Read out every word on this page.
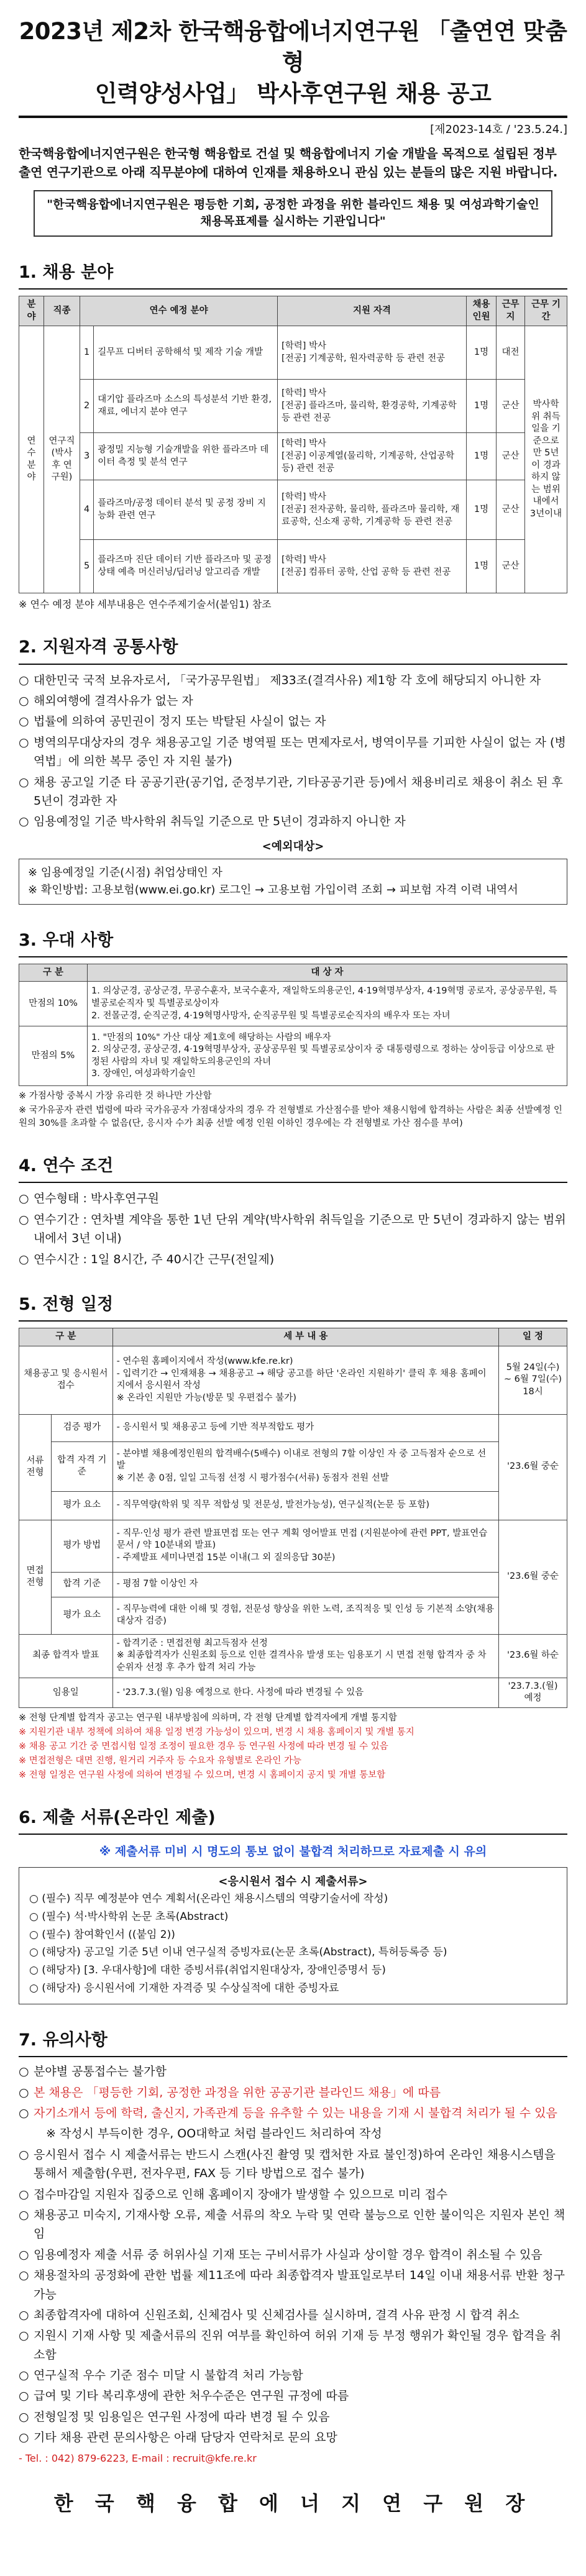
2023년 제2차 한국핵융합에너지연구원 「출연연 맞춤형
인력양성사업」 박사후연구원 채용 공고
[제2023-14호 / '23.5.24.]

한국핵융합에너지연구원은 한국형 핵융합로 건설 및 핵융합에너지 기술 개발을 목적으로 설립된 정부출연 연구기관으로 아래 직무분야에 대하여 인재를 채용하오니 관심 있는 분들의 많은 지원 바랍니다.

"한국핵융합에너지연구원은 평등한 기회, 공정한 과정을 위한 블라인드 채용 및 여성과학기술인 채용목표제를 실시하는 기관입니다"
1. 채용 분야
분야	직종	연수 예정 분야		지원 자격	채용 인원	근무지	근무 기간
연수분야	연구직 (박사후 연구원)	1	길무프 디버터 공학해석 및 제작 기술 개발	[학력] 박사
[전공] 기계공학, 원자력공학 등 관련 전공	1명	대전	박사학위 취득일을 기준으로 만 5년이 경과하지 않는 범위 내에서 3년이내
		2	대기압 플라즈마 소스의 특성분석 기반 환경, 재료, 에너지 분야 연구	[학력] 박사
[전공] 플라즈마, 물리학, 환경공학, 기계공학 등 관련 전공	1명	군산	
		3	광정밀 지능형 기술개발을 위한 플라즈마 데이터 측정 및 분석 연구	[학력] 박사
[전공] 이공계열(물리학, 기계공학, 산업공학 등) 관련 전공	1명	군산	
		4	플라즈마/공정 데이터 분석 및 공정 장비 지능화 관련 연구	[학력] 박사
[전공] 전자공학, 물리학, 플라즈마 물리학, 재료공학, 신소재 공학, 기계공학 등 관련 전공	1명	군산	
		5	플라즈마 진단 데이터 기반 플라즈마 및 공정 상태 예측 머신러닝/딥러닝 알고리즘 개발	[학력] 박사
[전공] 컴퓨터 공학, 산업 공학 등 관련 전공	1명	군산	
※ 연수 예정 분야 세부내용은 연수주제기술서(붙임1) 참조
2. 지원자격 공통사항
○ 대한민국 국적 보유자로서, 「국가공무원법」 제33조(결격사유) 제1항 각 호에 해당되지 아니한 자
○ 해외여행에 결격사유가 없는 자
○ 법률에 의하여 공민권이 정지 또는 박탈된 사실이 없는 자
○ 병역의무대상자의 경우 채용공고일 기준 병역필 또는 면제자로서, 병역이무를 기피한 사실이 없는 자 (병역법」에 의한 복무 중인 자 지원 불가)
○ 채용 공고일 기준 타 공공기관(공기업, 준정부기관, 기타공공기관 등)에서 채용비리로 채용이 취소 된 후 5년이 경과한 자
○ 임용예정일 기준 박사학위 취득일 기준으로 만 5년이 경과하지 아니한 자
<예외대상>
※ 임용예정일 기준(시점) 취업상태인 자
※ 확인방법: 고용보험(www.ei.go.kr) 로그인 → 고용보험 가입이력 조회 → 피보험 자격 이력 내역서
3. 우대 사항
구 분	대 상 자
만점의 10%	1. 의상군경, 공상군경, 무공수훈자, 보국수훈자, 재일학도의용군인, 4·19혁명부상자, 4·19혁명 공로자, 공상공무원, 특별공로순직자 및 특별공로상이자
2. 전몰군경, 순직군경, 4·19혁명사망자, 순직공무원 및 특별공로순직자의 배우자 또는 자녀
만점의 5%	1. "만점의 10%" 가산 대상 제1호에 해당하는 사람의 배우자
2. 의상군경, 공상군경, 4·19혁명부상자, 공상공무원 및 특별공로상이자 중 대통령령으로 정하는 상이등급 이상으로 판정된 사람의 자녀 및 재일학도의용군인의 자녀
3. 장애인, 여성과학기술인
※ 가점사항 중복시 가장 유리한 것 하나만 가산함
※ 국가유공자 관련 법령에 따라 국가유공자 가점대상자의 경우 각 전형별로 가산점수를 받아 채용시험에 합격하는 사람은 최종 선발예정 인원의 30%를 초과할 수 없음(단, 응시자 수가 최종 선발 예정 인원 이하인 경우에는 각 전형별로 가산 점수를 부여)
4. 연수 조건
○ 연수형태 : 박사후연구원
○ 연수기간 : 연차별 계약을 통한 1년 단위 계약(박사학위 취득일을 기준으로 만 5년이 경과하지 않는 범위 내에서 3년 이내)
○ 연수시간 : 1일 8시간, 주 40시간 근무(전일제)
5. 전형 일정
구 분		세 부 내 용	일 정
채용공고 및 응시원서 접수		- 연수원 홈페이지에서 작성(www.kfe.re.kr)
- 입력기간 → 인재채용 → 채용공고 → 해당 공고를 하단 '온라인 지원하기' 클릭 후 채용 홈페이지에서 응시원서 작성
※ 온라인 지원만 가능(방문 및 우편접수 불가)	5월 24일(수) ~ 6월 7일(수) 18시
서류 전형	검증 평가	- 응시원서 및 채용공고 등에 기반 적부적합도 평가	'23.6월 중순
	합격 자격 기준	- 분야별 채용예정인원의 합격배수(5배수) 이내로 전형의 7할 이상인 자 중 고득점자 순으로 선발
※ 기본 총 0점, 일일 고득점 선정 시 평가점수(서류) 동점자 전원 선발	
	평가 요소	- 직무역량(학위 및 직무 적합성 및 전문성, 발전가능성), 연구실적(논문 등 포함)	
면접 전형	평가 방법	- 직무·인성 평가 관련 발표면접 또는 연구 계획 영어발표 면접 (지원분야에 관련 PPT, 발표연습문서 / 약 10분내외 발표)
- 주제발표 세미나면접 15분 이내(그 외 질의응답 30분)	'23.6월 중순
	합격 기준	- 평점 7할 이상인 자	
	평가 요소	- 직무능력에 대한 이해 및 경험, 전문성 향상을 위한 노력, 조직적응 및 인성 등 기본적 소양(채용 대상자 검증)	
최종 합격자 발표		- 합격기준 : 면접전형 최고득점자 선정
※ 최종합격자가 신원조회 등으로 인한 결격사유 발생 또는 임용포기 시 면접 전형 합격자 중 차순위자 선정 후 추가 합격 처리 가능	'23.6월 하순
임용일		- '23.7.3.(월) 임용 예정으로 한다. 사정에 따라 변경될 수 있음	'23.7.3.(월) 예정
※ 전형 단계별 합격자 공고는 연구원 내부방침에 의하며, 각 전형 단계별 합격자에게 개별 통지함
※ 지원기관 내부 정책에 의하여 채용 일정 변경 가능성이 있으며, 변경 시 채용 홈페이지 및 개별 통지
※ 채용 공고 기간 중 면접시험 일정 조정이 필요한 경우 등 연구원 사정에 따라 변경 될 수 있음
※ 면접전형은 대면 진행, 원거리 거주자 등 수요자 유형별로 온라인 가능
※ 전형 일정은 연구원 사정에 의하여 변경될 수 있으며, 변경 시 홈페이지 공지 및 개별 통보함
6. 제출 서류(온라인 제출)
※ 제출서류 미비 시 명도의 통보 없이 불합격 처리하므로 자료제출 시 유의
<응시원서 접수 시 제출서류>
○ (필수) 직무 예정분야 연수 계획서(온라인 채용시스템의 역량기술서에 작성)
○ (필수) 석·박사학위 논문 초록(Abstract)
○ (필수) 참여확인서 ((붙임 2))
○ (해당자) 공고일 기준 5년 이내 연구실적 증빙자료(논문 초록(Abstract), 특허등록증 등)
○ (해당자) [3. 우대사항]에 대한 증빙서류(취업지원대상자, 장애인증명서 등)
○ (해당자) 응시원서에 기재한 자격증 및 수상실적에 대한 증빙자료
7. 유의사항
○ 분야별 공통접수는 불가함
○ 본 채용은 「평등한 기회, 공정한 과정을 위한 공공기관 블라인드 채용」에 따름
○ 자기소개서 등에 학력, 출신지, 가족관계 등을 유추할 수 있는 내용을 기재 시 불합격 처리가 될 수 있음
※ 작성시 부득이한 경우, OO대학교 처럼 블라인드 처리하여 작성
○ 응시원서 접수 시 제출서류는 반드시 스캔(사진 촬영 및 캡처한 자료 불인정)하여 온라인 채용시스템을 통해서 제출함(우편, 전자우편, FAX 등 기타 방법으로 접수 불가)
○ 접수마감일 지원자 집중으로 인해 홈페이지 장애가 발생할 수 있으므로 미리 접수
○ 채용공고 미숙지, 기재사항 오류, 제출 서류의 착오 누락 및 연락 불능으로 인한 불이익은 지원자 본인 책임
○ 임용예정자 제출 서류 중 허위사실 기재 또는 구비서류가 사실과 상이할 경우 합격이 취소될 수 있음
○ 채용절차의 공정화에 관한 법률 제11조에 따라 최종합격자 발표일로부터 14일 이내 채용서류 반환 청구 가능
○ 최종합격자에 대하여 신원조회, 신체검사 및 신체검사를 실시하며, 결격 사유 판정 시 합격 취소
○ 지원시 기재 사항 및 제출서류의 진위 여부를 확인하여 허위 기재 등 부정 행위가 확인될 경우 합격을 취소함
○ 연구실적 우수 기준 점수 미달 시 불합격 처리 가능함
○ 급여 및 기타 복리후생에 관한 처우수준은 연구원 규정에 따름
○ 전형일정 및 임용일은 연구원 사정에 따라 변경 될 수 있음
○ 기타 채용 관련 문의사항은 아래 담당자 연락처로 문의 요망
- Tel. : 042) 879-6223, E-mail : recruit@kfe.re.kr
한 국 핵 융 합 에 너 지 연 구 원 장
